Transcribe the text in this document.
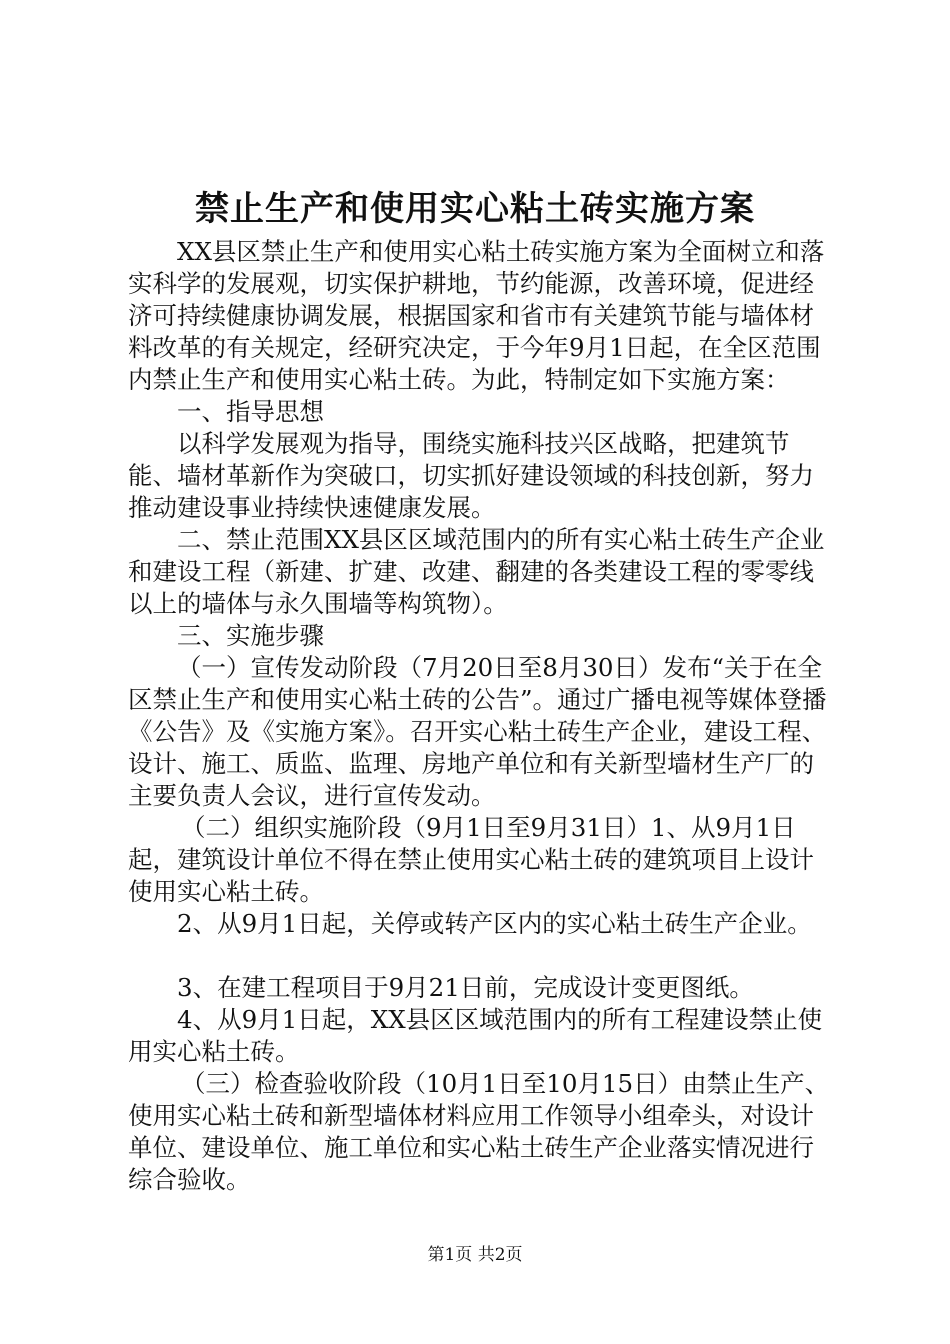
禁止生产和使用实心粘土砖实施方案

XX县区禁止生产和使用实心粘土砖实施方案为全面树立和落实科学的发展观，切实保护耕地，节约能源，改善环境，促进经济可持续健康协调发展，根据国家和省市有关建筑节能与墙体材料改革的有关规定，经研究决定，于今年9月1日起，在全区范围内禁止生产和使用实心粘土砖。为此，特制定如下实施方案：

一、指导思想

以科学发展观为指导，围绕实施科技兴区战略，把建筑节能、墙材革新作为突破口，切实抓好建设领域的科技创新，努力推动建设事业持续快速健康发展。

二、禁止范围XX县区区域范围内的所有实心粘土砖生产企业和建设工程（新建、扩建、改建、翻建的各类建设工程的零零线以上的墙体与永久围墙等构筑物）。

三、实施步骤

（一）宣传发动阶段（7月20日至8月30日）发布“关于在全区禁止生产和使用实心粘土砖的公告”。通过广播电视等媒体登播《公告》及《实施方案》。召开实心粘土砖生产企业，建设工程、设计、施工、质监、监理、房地产单位和有关新型墙材生产厂的主要负责人会议，进行宣传发动。

（二）组织实施阶段（9月1日至9月31日）1、从9月1日起，建筑设计单位不得在禁止使用实心粘土砖的建筑项目上设计使用实心粘土砖。

2、从9月1日起，关停或转产区内的实心粘土砖生产企业。

3、在建工程项目于9月21日前，完成设计变更图纸。

4、从9月1日起，XX县区区域范围内的所有工程建设禁止使用实心粘土砖。

（三）检查验收阶段（10月1日至10月15日）由禁止生产、使用实心粘土砖和新型墙体材料应用工作领导小组牵头，对设计单位、建设单位、施工单位和实心粘土砖生产企业落实情况进行综合验收。

第1页 共2页
